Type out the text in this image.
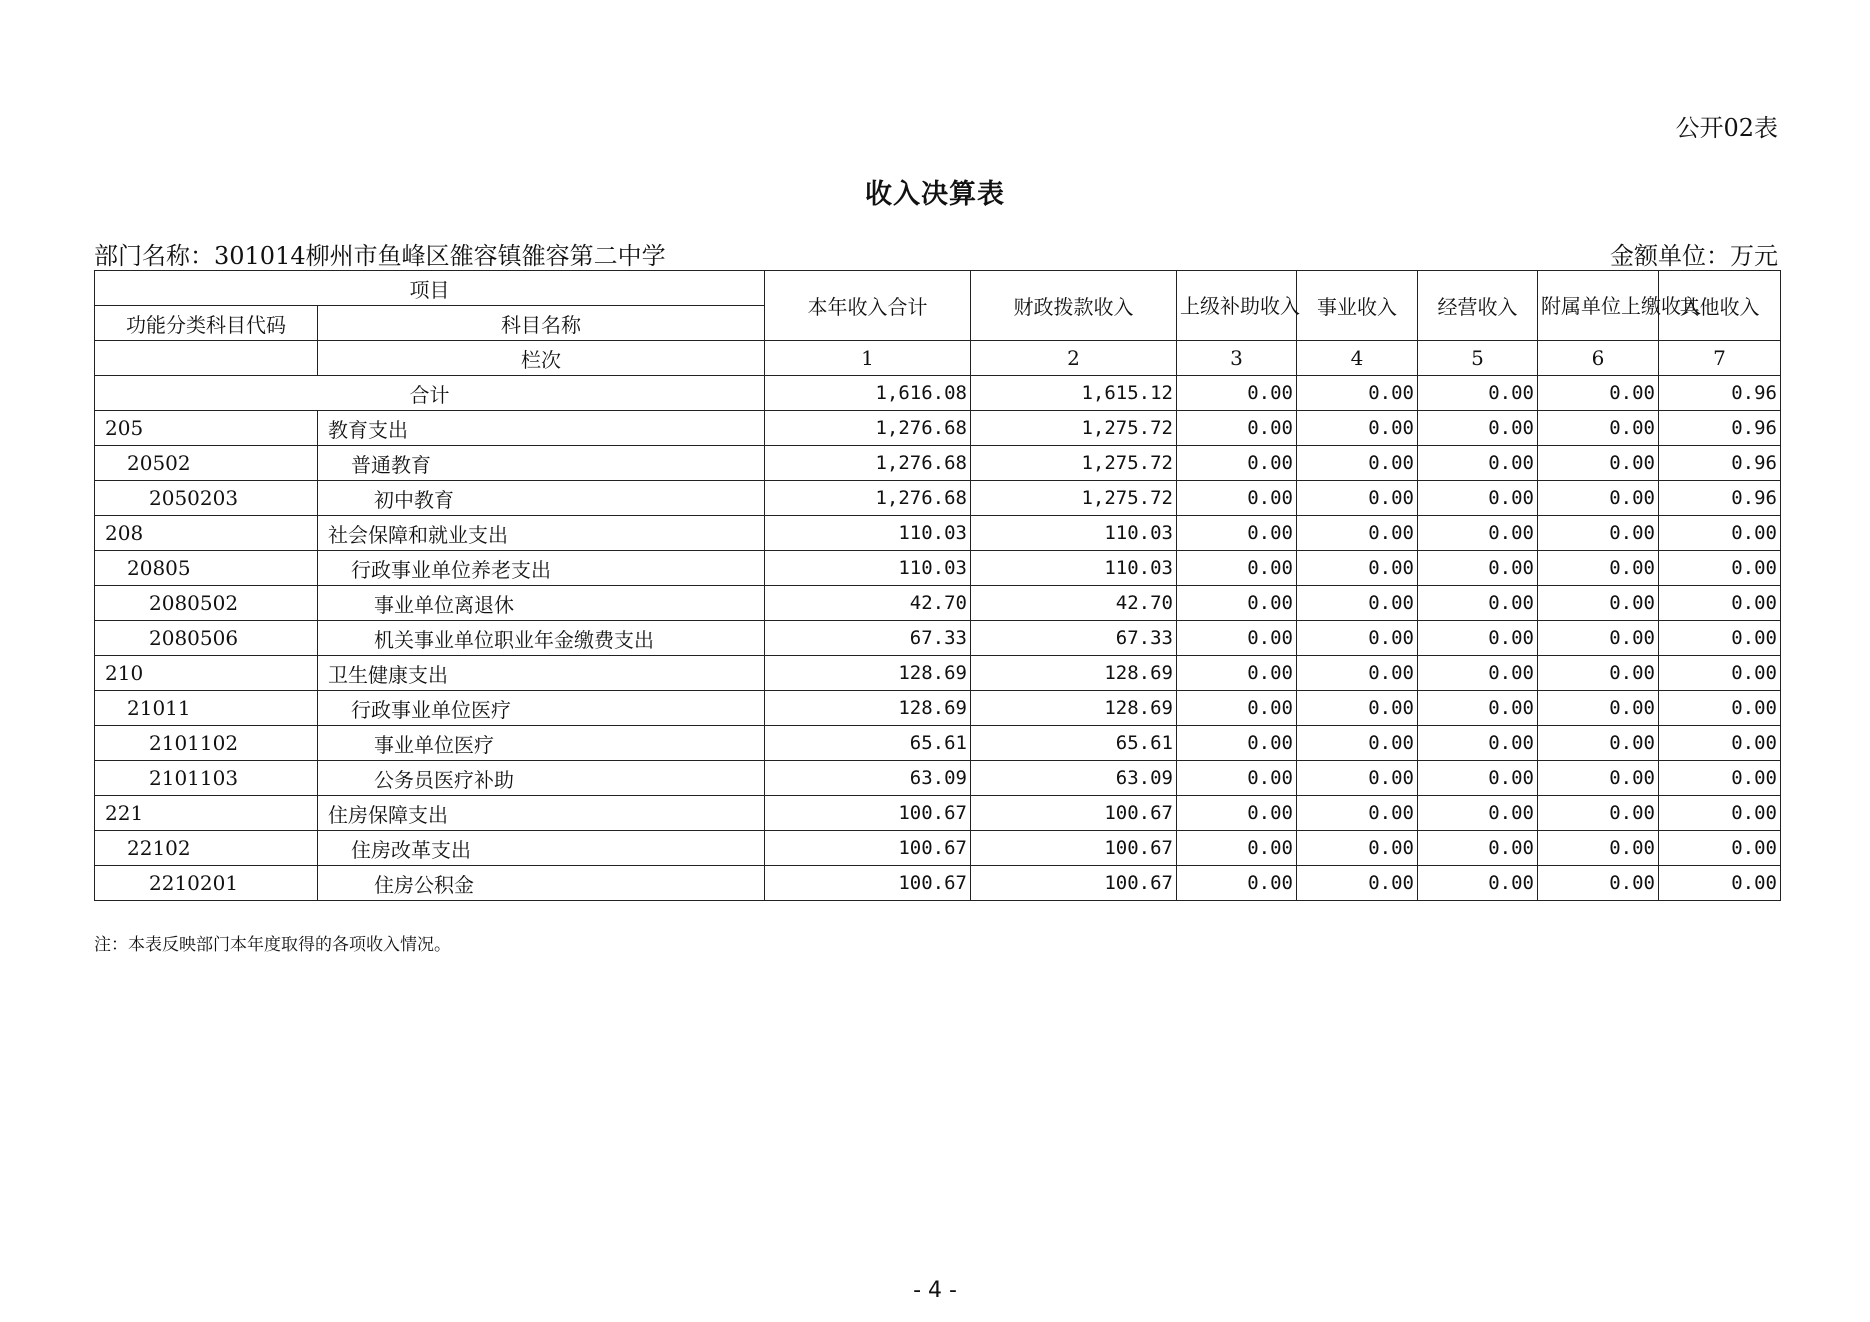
公开02表
收入决算表
部门名称：301014柳州市鱼峰区雒容镇雒容第二中学	金额单位：万元
项目		本年收入合计	财政拨款收入	上级补助收入	事业收入	经营收入	附属单位上缴收入	其他收入
功能分类科目代码	科目名称							
	栏次	1	2	3	4	5	6	7
合计		1,616.08	1,615.12	0.00	0.00	0.00	0.00	0.96
205	教育支出	1,276.68	1,275.72	0.00	0.00	0.00	0.00	0.96
20502	普通教育	1,276.68	1,275.72	0.00	0.00	0.00	0.00	0.96
2050203	初中教育	1,276.68	1,275.72	0.00	0.00	0.00	0.00	0.96
208	社会保障和就业支出	110.03	110.03	0.00	0.00	0.00	0.00	0.00
20805	行政事业单位养老支出	110.03	110.03	0.00	0.00	0.00	0.00	0.00
2080502	事业单位离退休	42.70	42.70	0.00	0.00	0.00	0.00	0.00
2080506	机关事业单位职业年金缴费支出	67.33	67.33	0.00	0.00	0.00	0.00	0.00
210	卫生健康支出	128.69	128.69	0.00	0.00	0.00	0.00	0.00
21011	行政事业单位医疗	128.69	128.69	0.00	0.00	0.00	0.00	0.00
2101102	事业单位医疗	65.61	65.61	0.00	0.00	0.00	0.00	0.00
2101103	公务员医疗补助	63.09	63.09	0.00	0.00	0.00	0.00	0.00
221	住房保障支出	100.67	100.67	0.00	0.00	0.00	0.00	0.00
22102	住房改革支出	100.67	100.67	0.00	0.00	0.00	0.00	0.00
2210201	住房公积金	100.67	100.67	0.00	0.00	0.00	0.00	0.00
注：本表反映部门本年度取得的各项收入情况。
- 4 -
